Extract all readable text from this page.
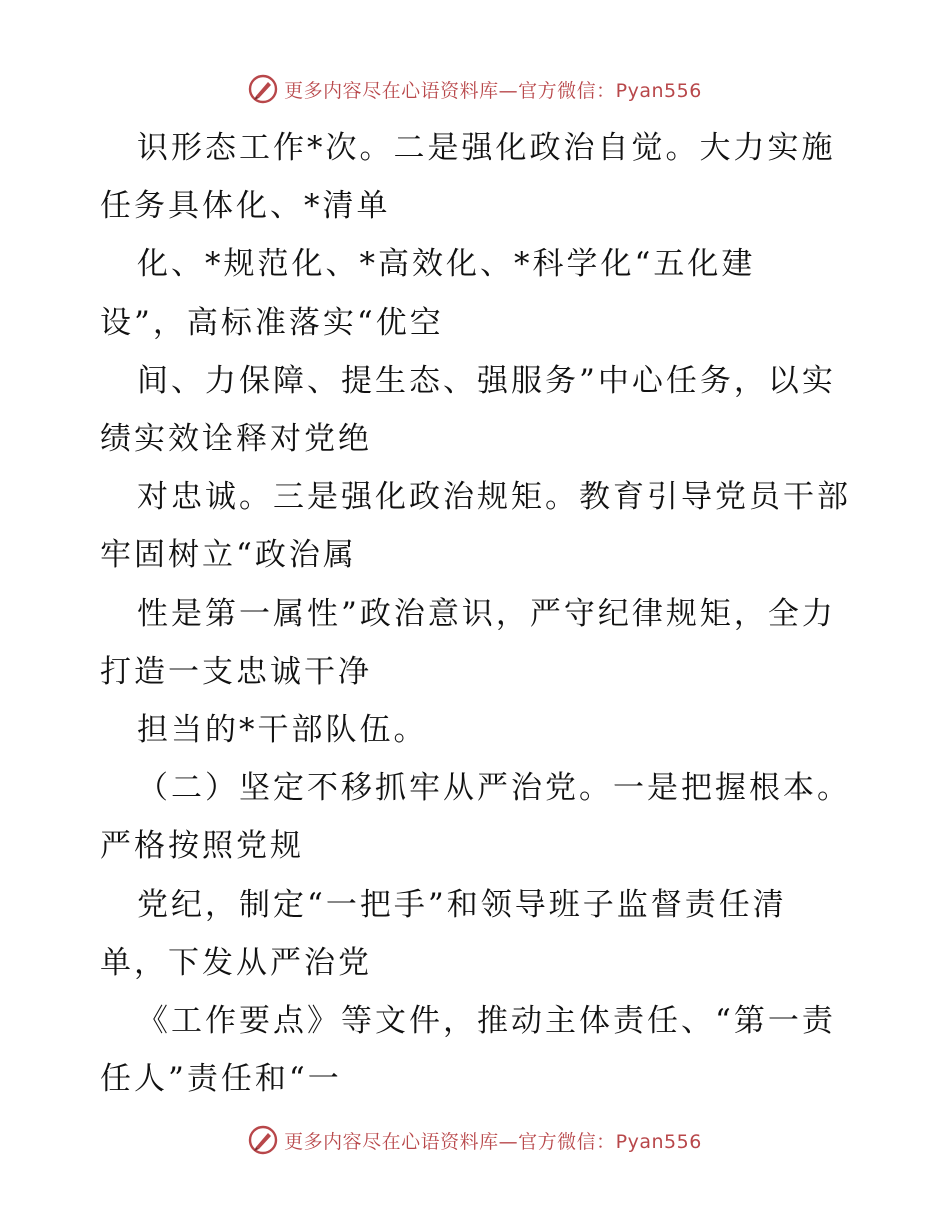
更多内容尽在心语资料库—官方微信：Pyan556
识形态工作*次。二是强化政治自觉。大力实施
任务具体化、*清单
化、*规范化、*高效化、*科学化“五化建
设”，高标准落实“优空
间、力保障、提生态、强服务”中心任务，以实
绩实效诠释对党绝
对忠诚。三是强化政治规矩。教育引导党员干部
牢固树立“政治属
性是第一属性”政治意识，严守纪律规矩，全力
打造一支忠诚干净
担当的*干部队伍。
（二）坚定不移抓牢从严治党。一是把握根本。
严格按照党规
党纪，制定“一把手”和领导班子监督责任清
单，下发从严治党
《工作要点》等文件，推动主体责任、“第一责
任人”责任和“一
更多内容尽在心语资料库—官方微信：Pyan556
